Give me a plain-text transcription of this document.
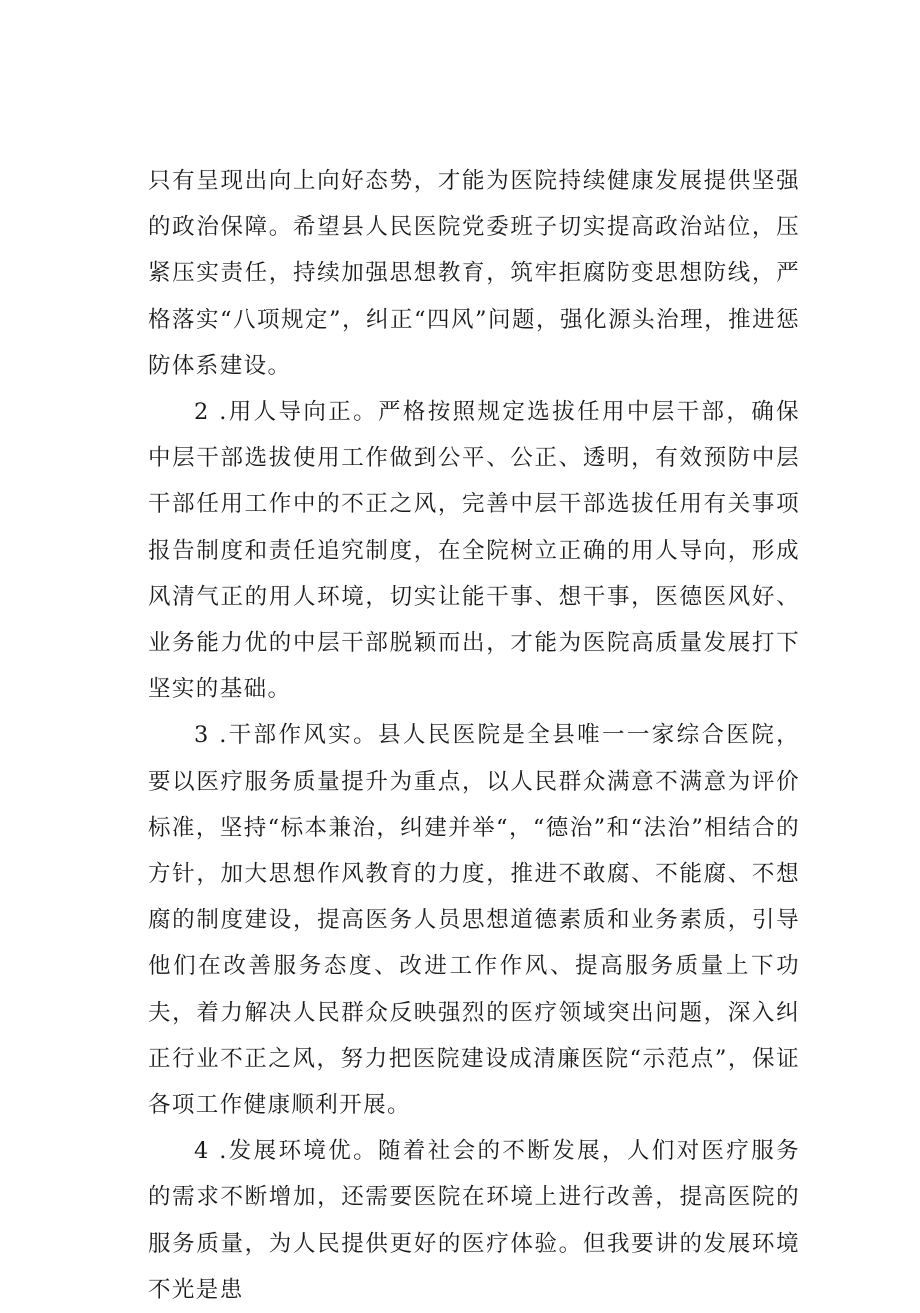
只有呈现出向上向好态势，才能为医院持续健康发展提供坚强的政治保障。希望县人民医院党委班子切实提高政治站位，压紧压实责任，持续加强思想教育，筑牢拒腐防变思想防线，严格落实“八项规定”，纠正“四风”问题，强化源头治理，推进惩防体系建设。

2 .用人导向正。严格按照规定选拔任用中层干部，确保中层干部选拔使用工作做到公平、公正、透明，有效预防中层干部任用工作中的不正之风，完善中层干部选拔任用有关事项报告制度和责任追究制度，在全院树立正确的用人导向，形成风清气正的用人环境，切实让能干事、想干事，医德医风好、业务能力优的中层干部脱颖而出，才能为医院高质量发展打下坚实的基础。

3 .干部作风实。县人民医院是全县唯一一家综合医院，要以医疗服务质量提升为重点，以人民群众满意不满意为评价标准，坚持“标本兼治，纠建并举“，“德治”和“法治”相结合的方针，加大思想作风教育的力度，推进不敢腐、不能腐、不想腐的制度建设，提高医务人员思想道德素质和业务素质，引导他们在改善服务态度、改进工作作风、提高服务质量上下功夫，着力解决人民群众反映强烈的医疗领域突出问题，深入纠正行业不正之风，努力把医院建设成清廉医院“示范点”，保证各项工作健康顺利开展。

4 .发展环境优。随着社会的不断发展，人们对医疗服务的需求不断增加，还需要医院在环境上进行改善，提高医院的服务质量，为人民提供更好的医疗体验。但我要讲的发展环境不光是患
